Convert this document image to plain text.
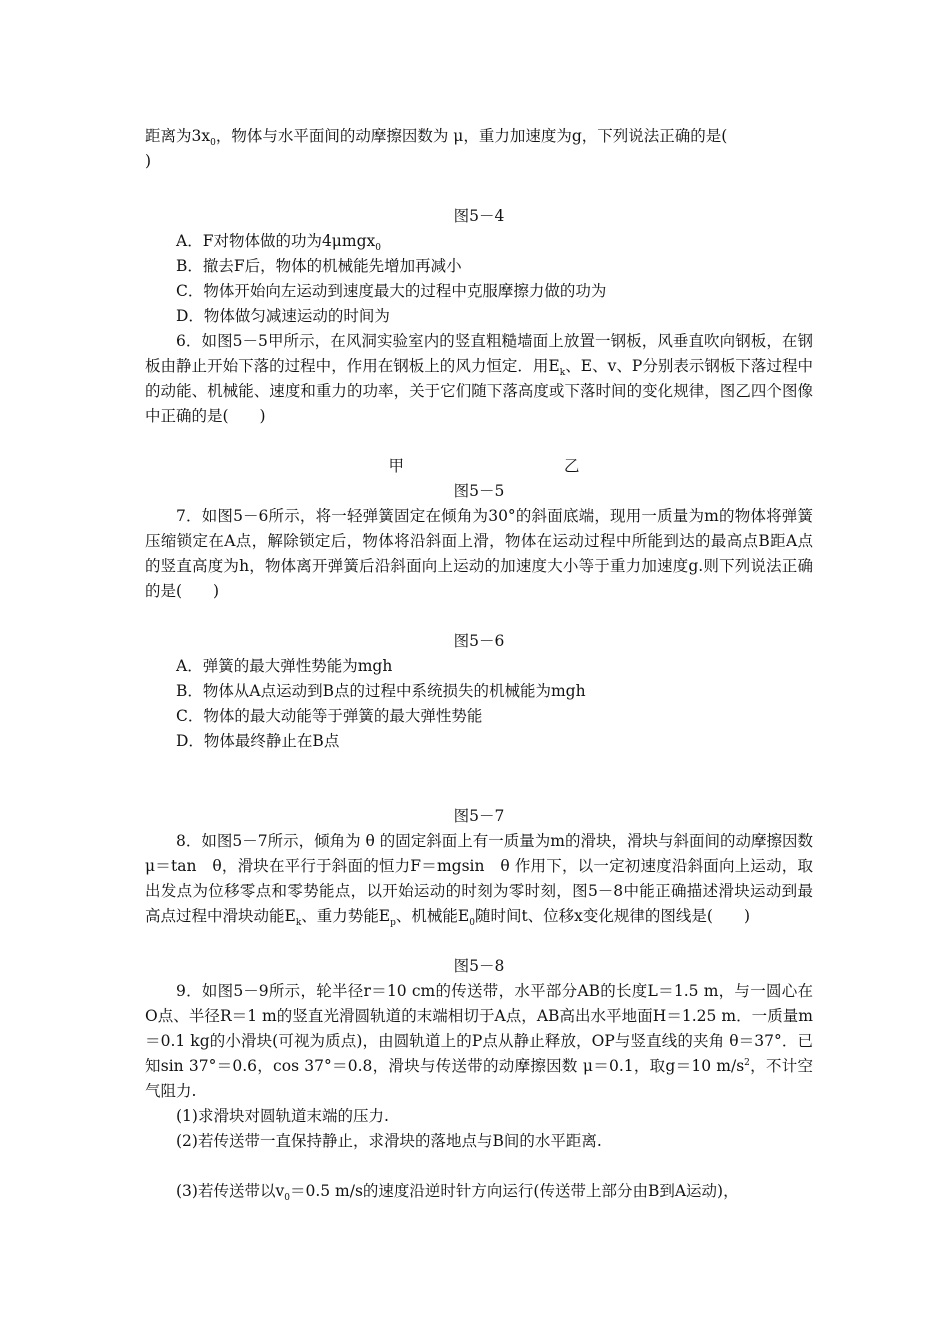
距离为$3x_0$，物体与水平面间的动摩擦因数为 μ，重力加速度为g，下列说法正确的是(
)

图5－4

A．F对物体做的功为4μmgx$_0$

B．撤去F后，物体的机械能先增加再减小

C．物体开始向左运动到速度最大的过程中克服摩擦力做的功为

D．物体做匀减速运动的时间为

6．如图5－5甲所示，在风洞实验室内的竖直粗糙墙面上放置一钢板，风垂直吹向钢板，在钢板由静止开始下落的过程中，作用在钢板上的风力恒定．用$E_k$、E、v、P分别表示钢板下落过程中的动能、机械能、速度和重力的功率，关于它们随下落高度或下落时间的变化规律，图乙四个图像中正确的是(　　)

甲	乙

图5－5

7．如图5－6所示，将一轻弹簧固定在倾角为30°的斜面底端，现用一质量为m的物体将弹簧压缩锁定在A点，解除锁定后，物体将沿斜面上滑，物体在运动过程中所能到达的最高点B距A点的竖直高度为h，物体离开弹簧后沿斜面向上运动的加速度大小等于重力加速度g.则下列说法正确的是(　　)

图5－6

A．弹簧的最大弹性势能为mgh

B．物体从A点运动到B点的过程中系统损失的机械能为mgh

C．物体的最大动能等于弹簧的最大弹性势能

D．物体最终静止在B点

图5－7

8．如图5－7所示，倾角为 θ 的固定斜面上有一质量为m的滑块，滑块与斜面间的动摩擦因数 μ＝tan　θ，滑块在平行于斜面的恒力F＝mgsin　θ 作用下，以一定初速度沿斜面向上运动，取出发点为位移零点和零势能点，以开始运动的时刻为零时刻，图5－8中能正确描述滑块运动到最高点过程中滑块动能$E_k$、重力势能$E_p$、机械能$E_0$随时间t、位移x变化规律的图线是(　　)

图5－8

9．如图5－9所示，轮半径r＝10 cm的传送带，水平部分AB的长度L＝1.5 m，与一圆心在O点、半径R＝1 m的竖直光滑圆轨道的末端相切于A点，AB高出水平地面H＝1.25 m．一质量m＝0.1 kg的小滑块(可视为质点)，由圆轨道上的P点从静止释放，OP与竖直线的夹角 θ＝37°．已知sin 37°＝0.6，cos 37°＝0.8，滑块与传送带的动摩擦因数 μ＝0.1，取g＝10 $m/s^2$，不计空气阻力.

(1)求滑块对圆轨道末端的压力.

(2)若传送带一直保持静止，求滑块的落地点与B间的水平距离.

(3)若传送带以$v_0=0.5$ m/s的速度沿逆时针方向运行(传送带上部分由B到A运动)，
